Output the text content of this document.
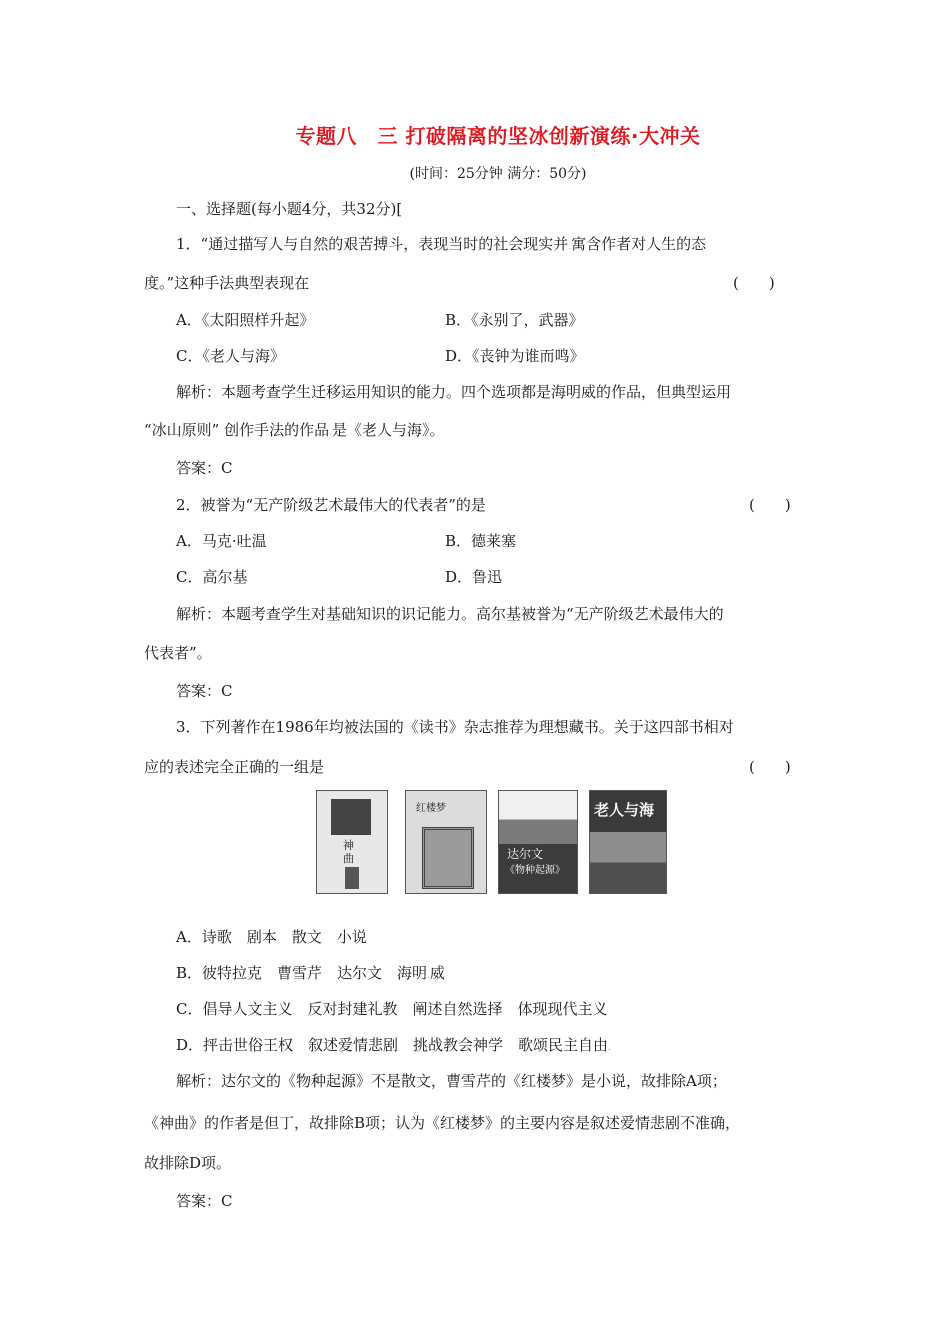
专题八　三 打破隔离的坚冰创新演练·大冲关
(时间：25分钟 满分：50分)
一、选择题(每小题4分，共32分)[
1．“通过描写人与自然的艰苦搏斗，表现当时的社会现实并.寓含作者对人生的态
度。”这种手法典型表现在	(　　)
A．《太阳照样升起》	B．《永别了，武器》
C．《老人与海》	D．《丧钟为谁而鸣》
解析：本题考查学生迁移运用知识的能力。四个选项都是海明威的作品，但典型运用
“冰山原则” 创作手法的作品.是《老人与海》。
答案：C
2．被誉为“无产阶级艺术最伟大的代表者”的是	(　　)
A．马克·吐温	B．德莱塞
C．高尔基	D．鲁迅
解析：本题考查学生对基础知识的识记能力。高尔基被誉为“无产阶级艺术最伟大的
代表者”。
答案：C
3．下列著作在1986年均被法国的《读书》杂志推荐为理想藏书。关于这四部书相对
应的表述完全正确的一组是	(　　)
神曲
红楼梦
达尔文
《物种起源》
老人与海
A．诗歌　剧本　散文　小说
B．彼特拉克　曹雪芹　达尔文　海明.威
C．倡导人文主义　反对封建礼教　阐述自然选择　体现现代主义
D．抨击世俗王权　叙述爱情悲剧　挑战教会神学　歌颂民主自由.
解析：达尔文的《物种起源》不是散文，曹雪芹的《红楼梦》是小说，故排除A项；
《神曲》的作者是但丁，故排除B项；认为《红楼梦》的主要内容是叙述爱情悲剧不准确，
故排除D项。
答案：C
